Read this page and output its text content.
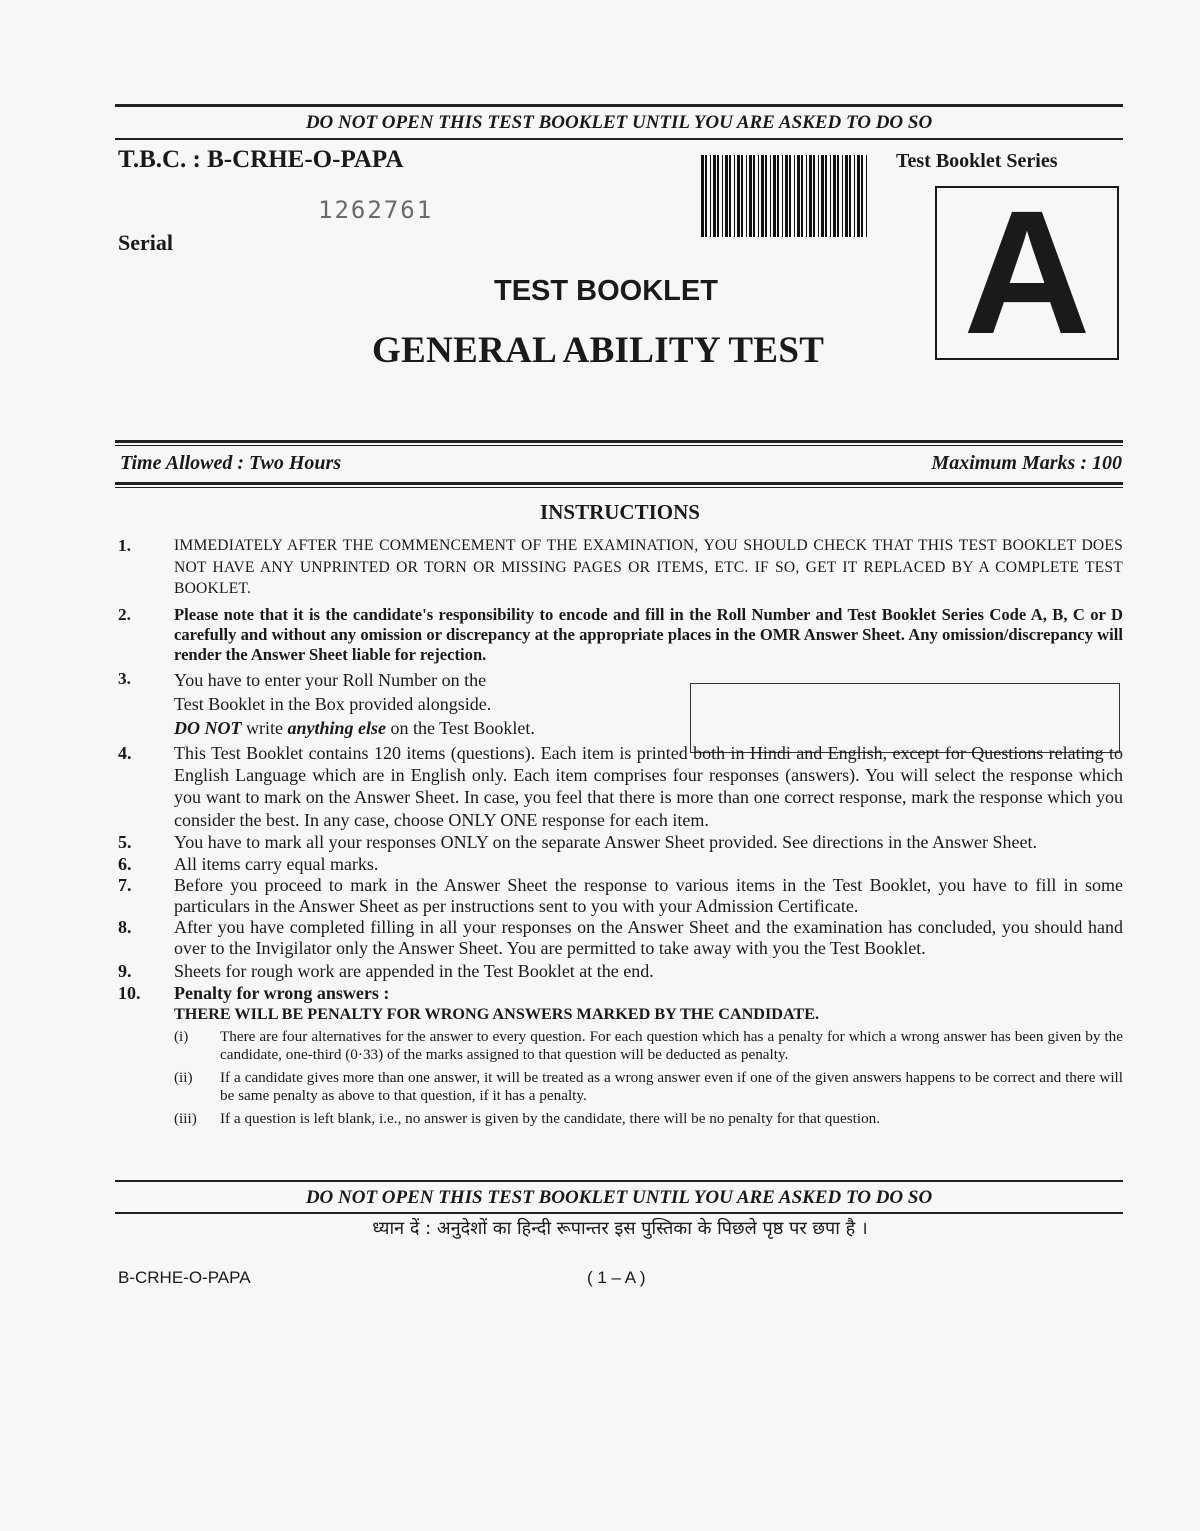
DO NOT OPEN THIS TEST BOOKLET UNTIL YOU ARE ASKED TO DO SO
T.B.C. : B-CRHE-O-PAPA
1262761
Serial
Test Booklet Series
A
TEST BOOKLET
GENERAL ABILITY TEST
Time Allowed : Two Hours	Maximum Marks : 100
INSTRUCTIONS
1.	IMMEDIATELY AFTER THE COMMENCEMENT OF THE EXAMINATION, YOU SHOULD CHECK THAT THIS TEST BOOKLET DOES NOT HAVE ANY UNPRINTED OR TORN OR MISSING PAGES OR ITEMS, ETC. IF SO, GET IT REPLACED BY A COMPLETE TEST BOOKLET.
2.	Please note that it is the candidate's responsibility to encode and fill in the Roll Number and Test Booklet Series Code A, B, C or D carefully and without any omission or discrepancy at the appropriate places in the OMR Answer Sheet. Any omission/discrepancy will render the Answer Sheet liable for rejection.
3.	You have to enter your Roll Number on the
Test Booklet in the Box provided alongside.
DO NOT write anything else on the Test Booklet.
4.	This Test Booklet contains 120 items (questions). Each item is printed both in Hindi and English, except for Questions relating to English Language which are in English only. Each item comprises four responses (answers). You will select the response which you want to mark on the Answer Sheet. In case, you feel that there is more than one correct response, mark the response which you consider the best. In any case, choose ONLY ONE response for each item.
5.	You have to mark all your responses ONLY on the separate Answer Sheet provided. See directions in the Answer Sheet.
6.	All items carry equal marks.
7.	Before you proceed to mark in the Answer Sheet the response to various items in the Test Booklet, you have to fill in some particulars in the Answer Sheet as per instructions sent to you with your Admission Certificate.
8.	After you have completed filling in all your responses on the Answer Sheet and the examination has concluded, you should hand over to the Invigilator only the Answer Sheet. You are permitted to take away with you the Test Booklet.
9.	Sheets for rough work are appended in the Test Booklet at the end.
10.	Penalty for wrong answers :
THERE WILL BE PENALTY FOR WRONG ANSWERS MARKED BY THE CANDIDATE.
(i)	There are four alternatives for the answer to every question. For each question which has a penalty for which a wrong answer has been given by the candidate, one-third (0·33) of the marks assigned to that question will be deducted as penalty.
(ii)	If a candidate gives more than one answer, it will be treated as a wrong answer even if one of the given answers happens to be correct and there will be same penalty as above to that question, if it has a penalty.
(iii)	If a question is left blank, i.e., no answer is given by the candidate, there will be no penalty for that question.
DO NOT OPEN THIS TEST BOOKLET UNTIL YOU ARE ASKED TO DO SO
ध्यान दें : अनुदेशों का हिन्दी रूपान्तर इस पुस्तिका के पिछले पृष्ठ पर छपा है ।
B-CRHE-O-PAPA	( 1 – A )
